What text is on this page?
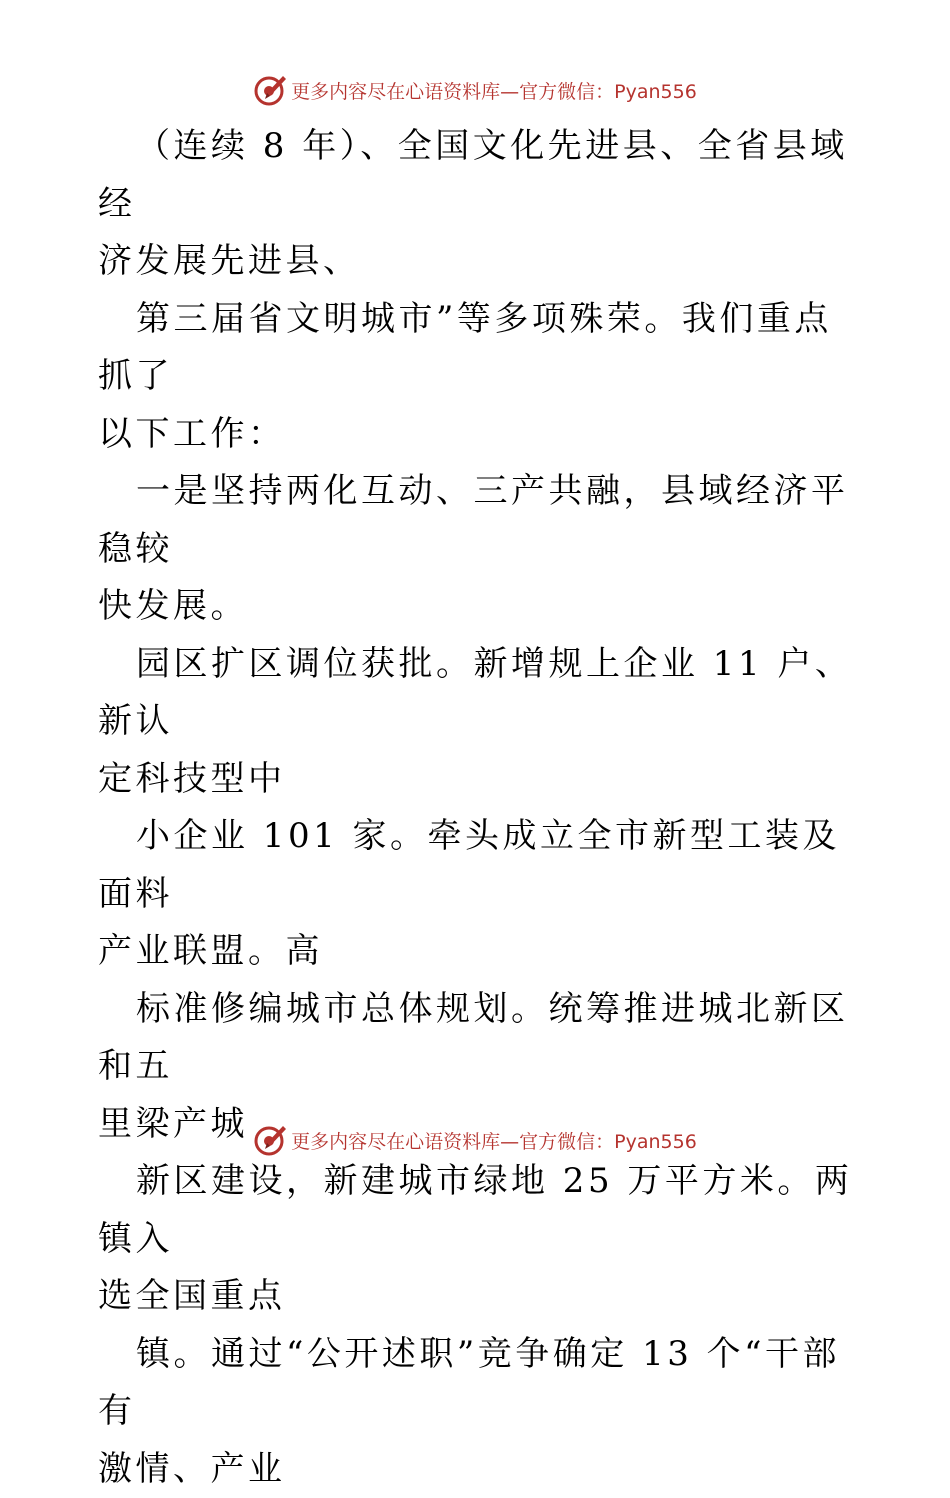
更多内容尽在心语资料库—官方微信：Pyan556

（连续 8 年）、全国文化先进县、全省县域经
济发展先进县、

第三届省文明城市”等多项殊荣。我们重点抓了
以下工作：

一是坚持两化互动、三产共融，县域经济平稳较
快发展。

园区扩区调位获批。新增规上企业 11 户、新认
定科技型中

小企业 101 家。牵头成立全市新型工装及面料
产业联盟。高

标准修编城市总体规划。统筹推进城北新区和五
里梁产城

新区建设，新建城市绿地 25 万平方米。两镇入
选全国重点

镇。通过“公开述职”竞争确定 13 个“干部有
激情、产业

更多内容尽在心语资料库—官方微信：Pyan556
